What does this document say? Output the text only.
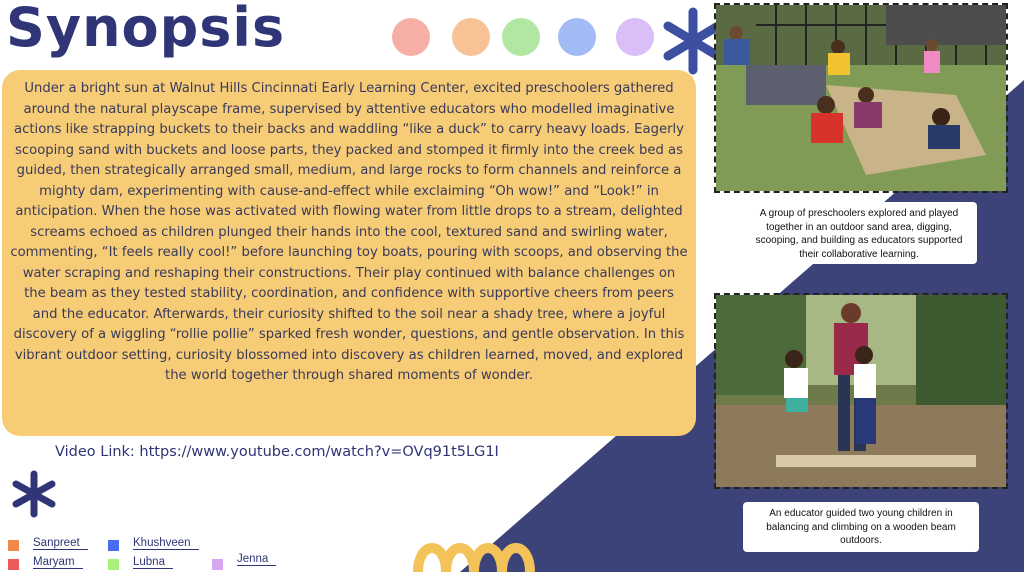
Synopsis
Under a bright sun at Walnut Hills Cincinnati Early Learning Center, excited preschoolers gathered around the natural playscape frame, supervised by attentive educators who modelled imaginative actions like strapping buckets to their backs and waddling “like a duck” to carry heavy loads. Eagerly scooping sand with buckets and loose parts, they packed and stomped it firmly into the creek bed as guided, then strategically arranged small, medium, and large rocks to form channels and reinforce a mighty dam, experimenting with cause-and-effect while exclaiming “Oh wow!” and “Look!” in anticipation. When the hose was activated with flowing water from little drops to a stream, delighted screams echoed as children plunged their hands into the cool, textured sand and swirling water, commenting, “It feels really cool!” before launching toy boats, pouring with scoops, and observing the water scraping and reshaping their constructions. Their play continued with balance challenges on the beam as they tested stability, coordination, and confidence with supportive cheers from peers and the educator. Afterwards, their curiosity shifted to the soil near a shady tree, where a joyful discovery of a wiggling “rollie pollie” sparked fresh wonder, questions, and gentle observation. In this vibrant outdoor setting, curiosity blossomed into discovery as children learned, moved, and explored the world together through shared moments of wonder.

Video Link: https://www.youtube.com/watch?v=OVq91t5LG1I

A group of preschoolers explored and played together in an outdoor sand area, digging, scooping, and building as educators supported their collaborative learning.
An educator guided two young children in balancing and climbing on a wooden beam outdoors.
Sanpreet
Maryam
Khushveen
Lubna	Jenna
